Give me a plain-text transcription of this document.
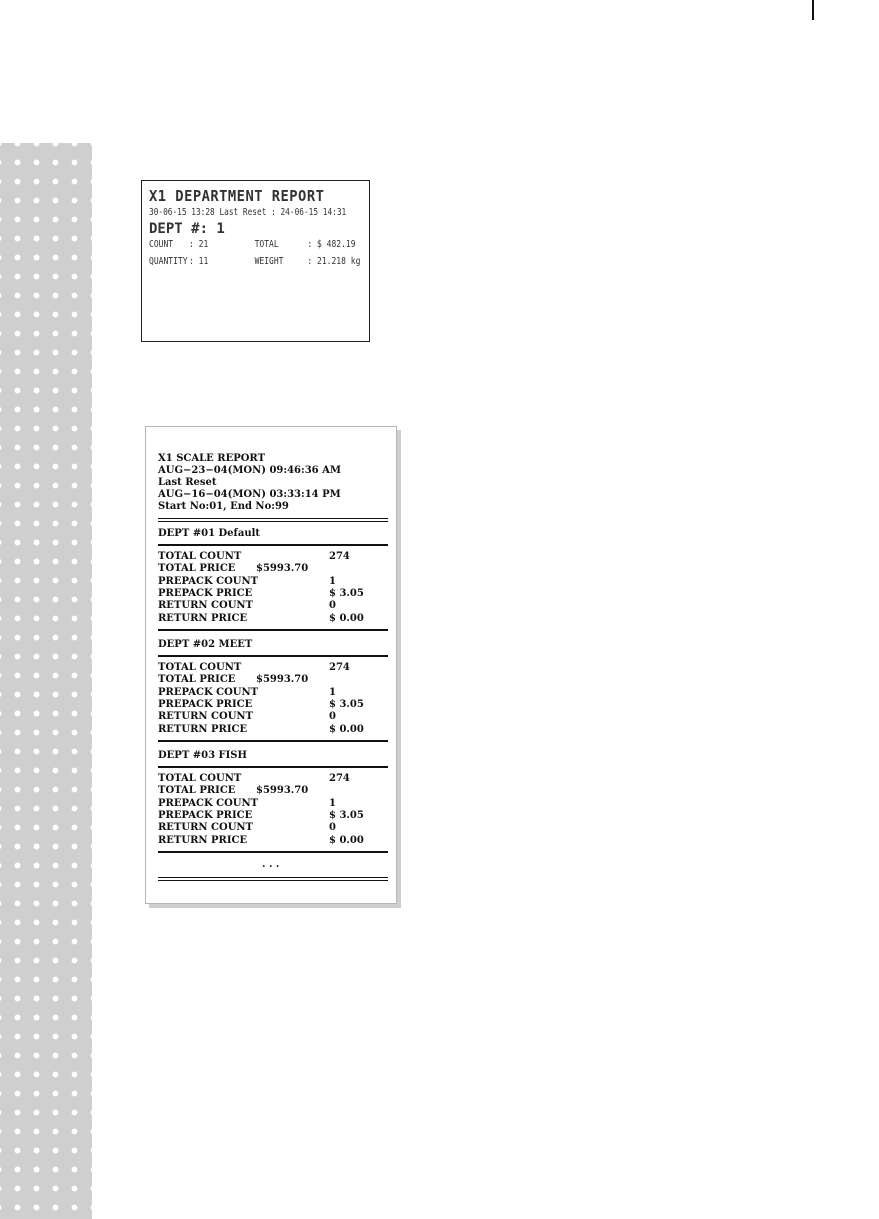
X1 DEPARTMENT REPORT
30-06-15 13:28 Last Reset : 24-06-15 14:31
DEPT #: 1
COUNT : 21	TOTAL	: $ 482.19
QUANTITY : 11	WEIGHT : 21.218 kg
X1 SCALE REPORT
AUG−23−04(MON) 09:46:36 AM
Last Reset
AUG−16−04(MON) 03:33:14 PM
Start No:01, End No:99
DEPT #01 Default
TOTAL COUNT	274
TOTAL PRICE $5993.70
PREPACK COUNT	1
PREPACK PRICE	$ 3.05
RETURN COUNT	0
RETURN PRICE	$ 0.00
DEPT #02 MEET
TOTAL COUNT	274
TOTAL PRICE $5993.70
PREPACK COUNT	1
PREPACK PRICE	$ 3.05
RETURN COUNT	0
RETURN PRICE	$ 0.00
DEPT #03 FISH
TOTAL COUNT	274
TOTAL PRICE $5993.70
PREPACK COUNT	1
PREPACK PRICE	$ 3.05
RETURN COUNT	0
RETURN PRICE	$ 0.00
. . .
